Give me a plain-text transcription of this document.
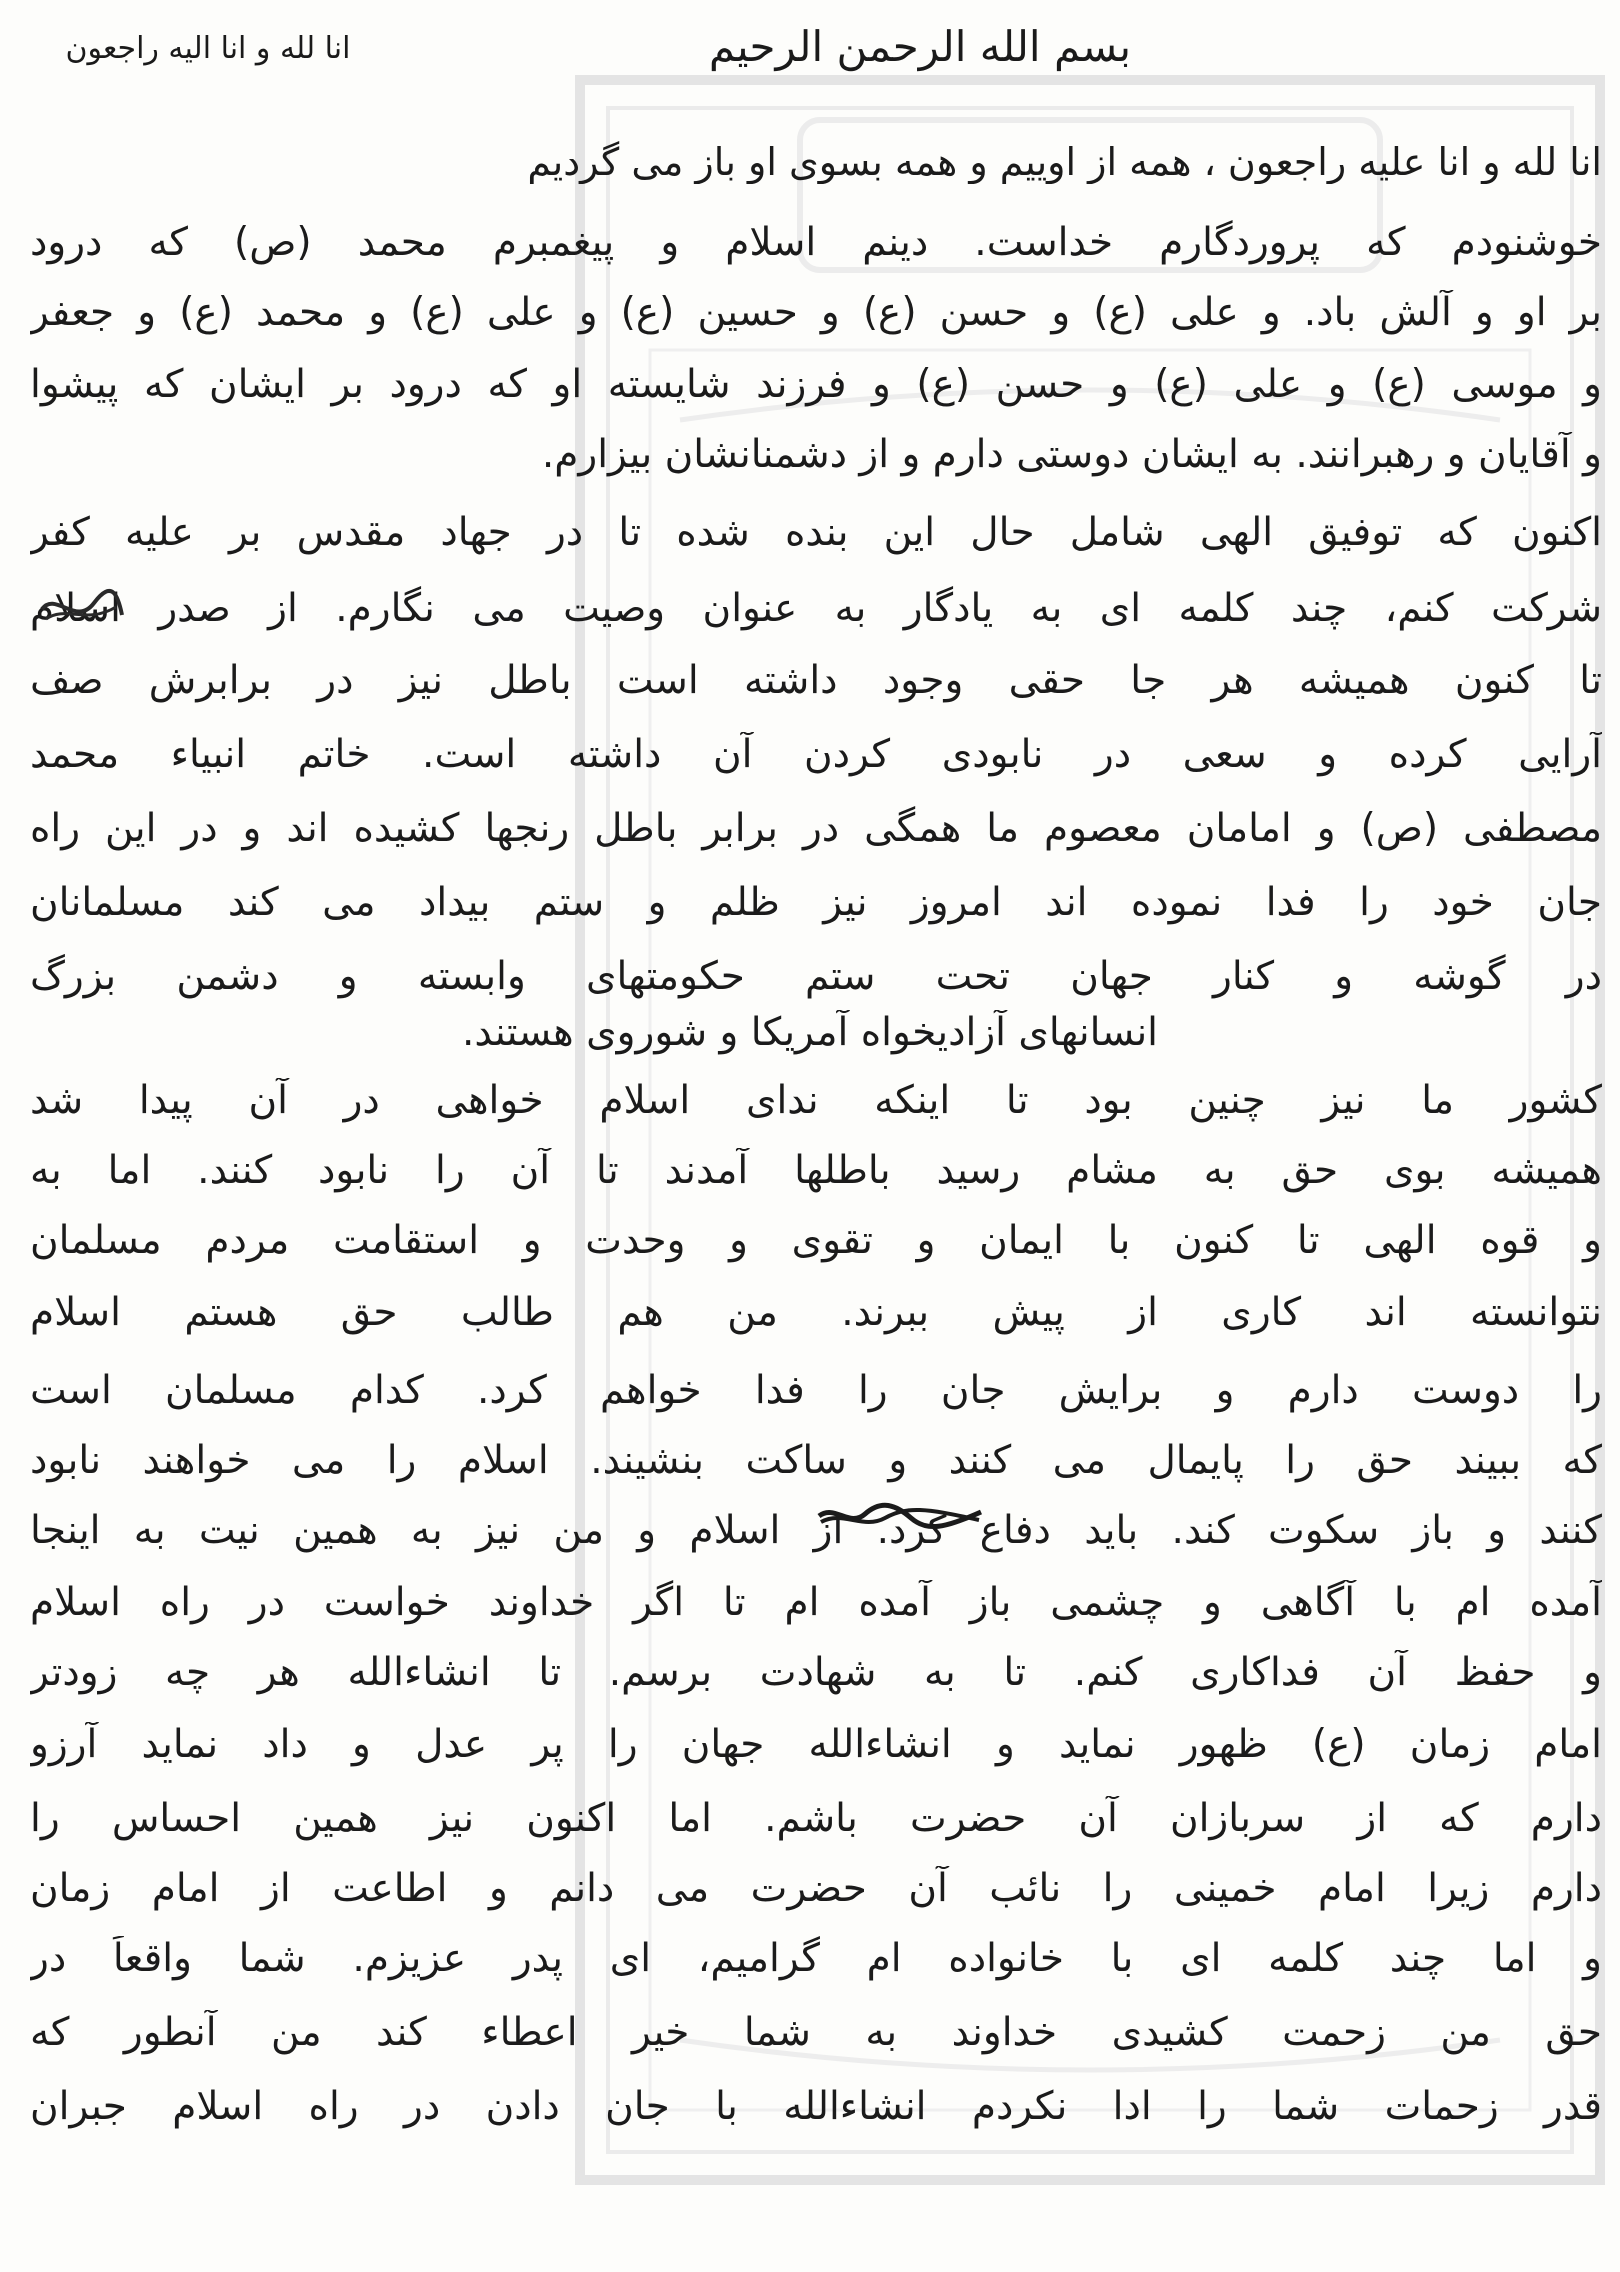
بسم الله الرحمن الرحیم
انا لله و انا الیه راجعون
انا لله و انا علیه راجعون ، همه از اوییم و همه بسوی او باز می گردیم
خوشنودم که پروردگارم خداست. دینم اسلام و پیغمبرم محمد (ص) که درود
بر او و آلش باد. و علی (ع) و حسن (ع) و حسین (ع) و علی (ع) و محمد (ع) و جعفر
و موسی (ع) و علی (ع) و حسن (ع) و فرزند شایسته او که درود بر ایشان که پیشوا
و آقایان و رهبرانند. به ایشان دوستی دارم و از دشمنانشان بیزارم.
اکنون که توفیق الهی شامل حال این بنده شده تا در جهاد مقدس بر علیه کفر
شرکت کنم، چند کلمه ای به یادگار به عنوان وصیت می نگارم. از صدر اسلام
تا کنون همیشه هر جا حقی وجود داشته است باطل نیز در برابرش صف
آرایی کرده و سعی در نابودی کردن آن داشته است. خاتم انبیاء محمد
مصطفی (ص) و امامان معصوم ما همگی در برابر باطل رنجها کشیده اند و در این راه
جان خود را فدا نموده اند امروز نیز ظلم و ستم بیداد می کند مسلمانان
در گوشه و کنار جهان تحت ستم حکومتهای وابسته و دشمن بزرگ
انسانهای آزادیخواه آمریکا و شوروی هستند.
کشور ما نیز چنین بود تا اینکه ندای اسلام خواهی در آن پیدا شد
همیشه بوی حق به مشام رسید باطلها آمدند تا آن را نابود کنند. اما به
و قوه الهی تا کنون با ایمان و تقوی و وحدت و استقامت مردم مسلمان
نتوانسته اند کاری از پیش ببرند. من هم طالب حق هستم اسلام
را دوست دارم و برایش جان را فدا خواهم کرد. کدام مسلمان است
که ببیند حق را پایمال می کنند و ساکت بنشیند. اسلام را می خواهند نابود
کنند و باز سکوت کند. باید دفاع کرد. از اسلام و من نیز به همین نیت به اینجا
آمده ام با آگاهی و چشمی باز آمده ام تا اگر خداوند خواست در راه اسلام
و حفظ آن فداکاری کنم. تا به شهادت برسم. تا انشاءالله هر چه زودتر
امام زمان (ع) ظهور نماید و انشاءالله جهان را پر عدل و داد نماید آرزو
دارم که از سربازان آن حضرت باشم. اما اکنون نیز همین احساس را
دارم زیرا امام خمینی را نائب آن حضرت می دانم و اطاعت از امام زمان
و اما چند کلمه ای با خانواده ام گرامیم، ای پدر عزیزم. شما واقعاً در
حق من زحمت کشیدی خداوند به شما خیر اعطاء کند من آنطور که
قدر زحمات شما را ادا نکردم انشاءالله با جان دادن در راه اسلام جبران
